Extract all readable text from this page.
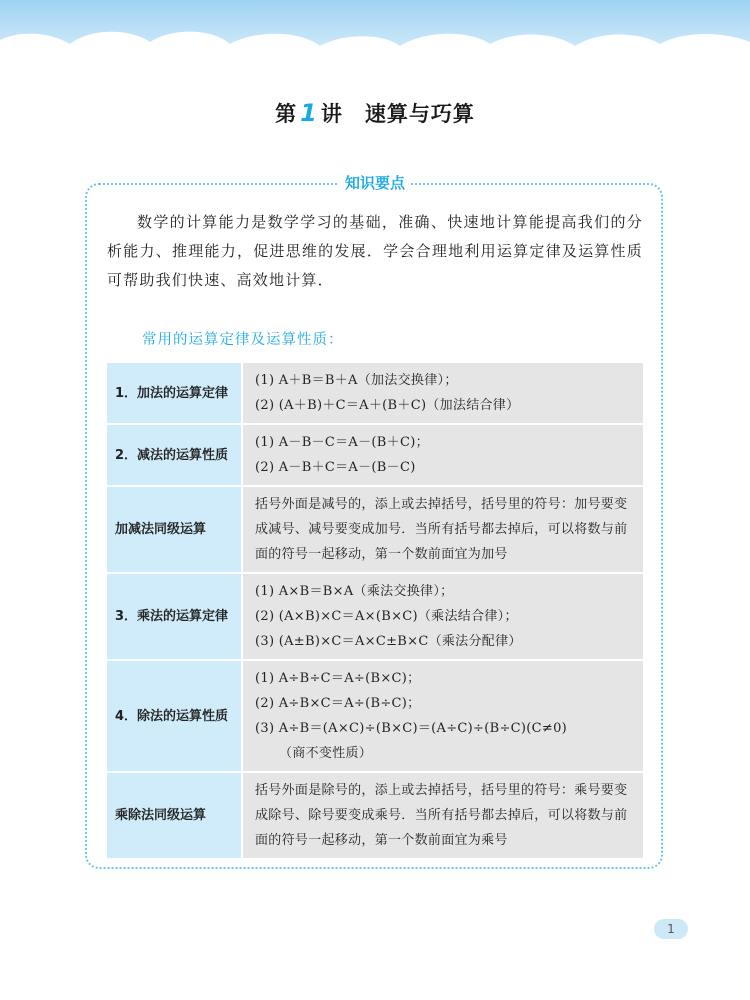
第 1 讲 速算与巧算
知识要点

数学的计算能力是数学学习的基础，准确、快速地计算能提高我们的分析能力、推理能力，促进思维的发展．学会合理地利用运算定律及运算性质可帮助我们快速、高效地计算．

常用的运算定律及运算性质：
1．加法的运算定律	(1) A＋B＝B＋A（加法交换律）；
(2) (A＋B)＋C＝A＋(B＋C)（加法结合律）

2．减法的运算性质	(1) A－B－C＝A－(B＋C)；
(2) A－B＋C＝A－(B－C)

加减法同级运算	括号外面是减号的，添上或去掉括号，括号里的符号：加号要变成减号、减号要变成加号．当所有括号都去掉后，可以将数与前面的符号一起移动，第一个数前面宜为加号

3．乘法的运算定律	(1) A×B＝B×A（乘法交换律）；
(2) (A×B)×C＝A×(B×C)（乘法结合律）；
(3) (A±B)×C＝A×C±B×C（乘法分配律）

4．除法的运算性质	(1) A÷B÷C＝A÷(B×C)；
(2) A÷B×C＝A÷(B÷C)；
(3) A÷B＝(A×C)÷(B×C)＝(A÷C)÷(B÷C)(C≠0)
（商不变性质）

乘除法同级运算	括号外面是除号的，添上或去掉括号，括号里的符号：乘号要变成除号、除号要变成乘号．当所有括号都去掉后，可以将数与前面的符号一起移动，第一个数前面宜为乘号
1
